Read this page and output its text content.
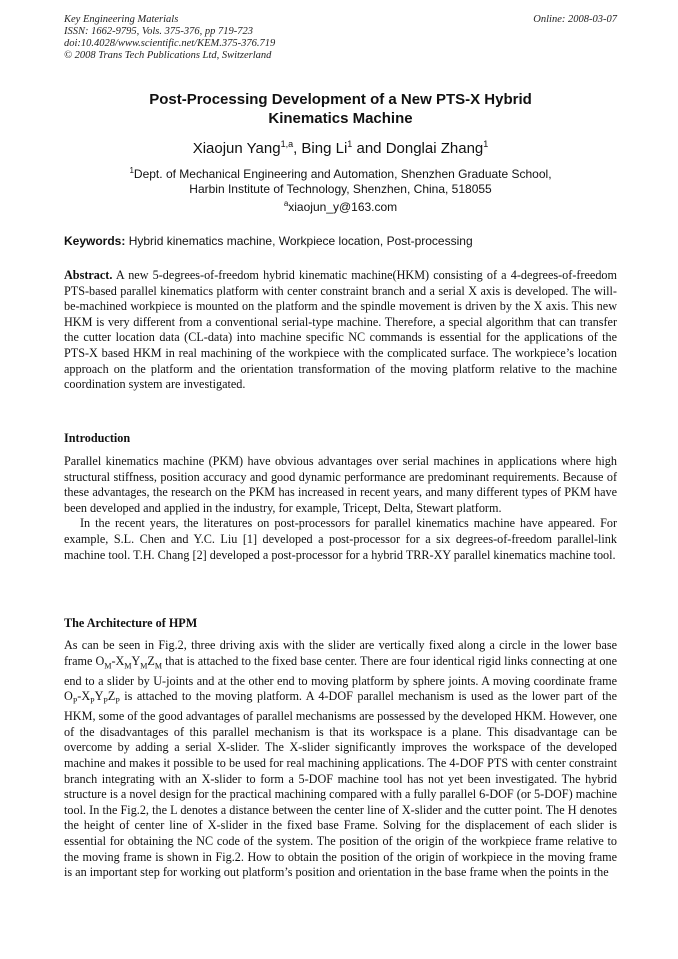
Key Engineering Materials
ISSN: 1662-9795, Vols. 375-376, pp 719-723
doi:10.4028/www.scientific.net/KEM.375-376.719
© 2008 Trans Tech Publications Ltd, Switzerland
Online: 2008-03-07
Post-Processing Development of a New PTS-X Hybrid
Kinematics Machine
Xiaojun Yang$^{1,a}$, Bing Li$^1$ and Donglai Zhang$^1$
$^1$Dept. of Mechanical Engineering and Automation, Shenzhen Graduate School,
Harbin Institute of Technology, Shenzhen, China, 518055
$^a$xiaojun_y@163.com
Keywords: Hybrid kinematics machine, Workpiece location, Post-processing

Abstract. A new 5-degrees-of-freedom hybrid kinematic machine(HKM) consisting of a 4-degrees-of-freedom PTS-based parallel kinematics platform with center constraint branch and a serial X axis is developed. The will-be-machined workpiece is mounted on the platform and the spindle movement is driven by the X axis. This new HKM is very different from a conventional serial-type machine. Therefore, a special algorithm that can transfer the cutter location data (CL-data) into machine specific NC commands is essential for the applications of the PTS-X based HKM in real machining of the workpiece with the complicated surface. The workpiece’s location approach on the platform and the orientation transformation of the moving platform relative to the machine coordination system are investigated.

Introduction

Parallel kinematics machine (PKM) have obvious advantages over serial machines in applications where high structural stiffness, position accuracy and good dynamic performance are predominant requirements. Because of these advantages, the research on the PKM has increased in recent years, and many different types of PKM have been developed and applied in the industry, for example, Tricept, Delta, Stewart platform.

In the recent years, the literatures on post-processors for parallel kinematics machine have appeared. For example, S.L. Chen and Y.C. Liu [1] developed a post-processor for a six degrees-of-freedom parallel-link machine tool. T.H. Chang [2] developed a post-processor for a hybrid TRR-XY parallel kinematics machine tool.

The Architecture of HPM

As can be seen in Fig.2, three driving axis with the slider are vertically fixed along a circle in the lower base frame $O_M-X_MY_MZ_M$ that is attached to the fixed base center. There are four identical rigid links connecting at one end to a slider by U-joints and at the other end to moving platform by sphere joints. A moving coordinate frame $O_P-X_PY_PZ_P$ is attached to the moving platform. A 4-DOF parallel mechanism is used as the lower part of the HKM, some of the good advantages of parallel mechanisms are possessed by the developed HKM. However, one of the disadvantages of this parallel mechanism is that its workspace is a plane. This disadvantage can be overcome by adding a serial X-slider. The X-slider significantly improves the workspace of the developed machine and makes it possible to be used for real machining applications. The 4-DOF PTS with center constraint branch integrating with an X-slider to form a 5-DOF machine tool has not yet been investigated. The hybrid structure is a novel design for the practical machining compared with a fully parallel 6-DOF (or 5-DOF) machine tool. In the Fig.2, the L denotes a distance between the center line of X-slider and the cutter point. The H denotes the height of center line of X-slider in the fixed base Frame. Solving for the displacement of each slider is essential for obtaining the NC code of the system. The position of the origin of the workpiece frame relative to the moving frame is shown in Fig.2. How to obtain the position of the origin of workpiece in the moving frame is an important step for working out platform’s position and orientation in the base frame when the points in the
